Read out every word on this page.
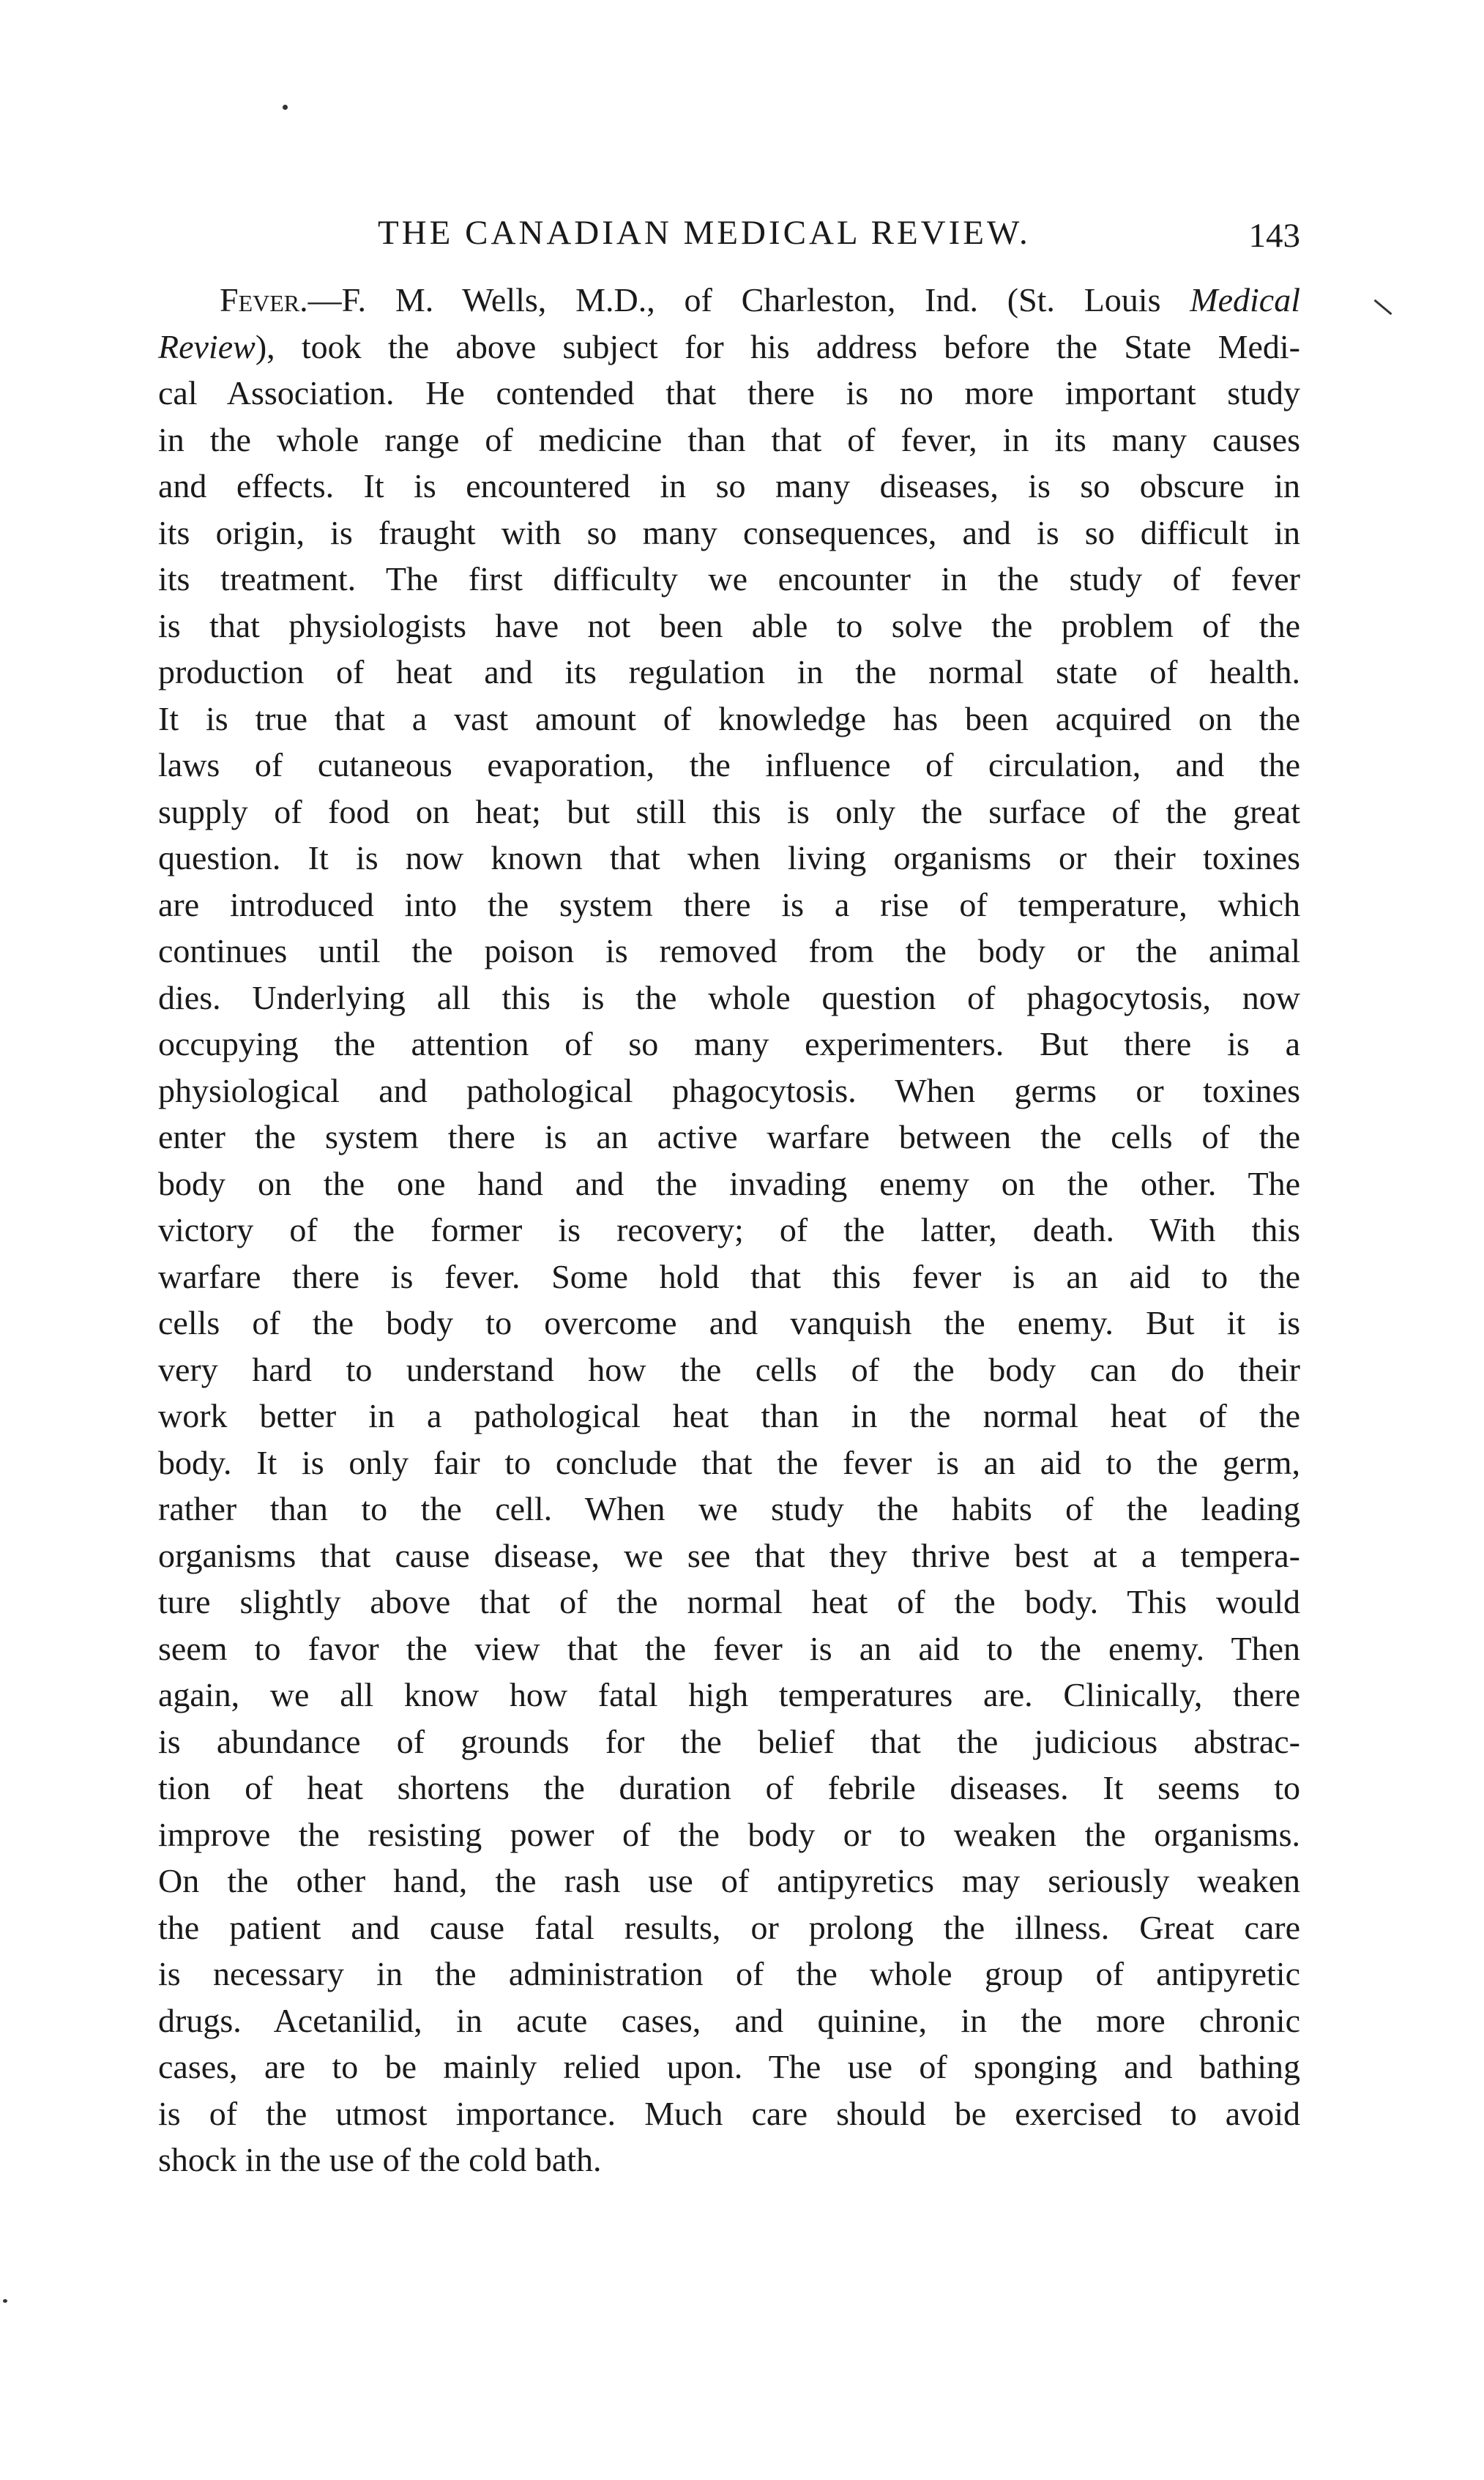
THE CANADIAN MEDICAL REVIEW.	143
Fever.—F. M. Wells, M.D., of Charleston, Ind. (St. Louis Medical
Review), took the above subject for his address before the State Medi-
cal Association. He contended that there is no more important study
in the whole range of medicine than that of fever, in its many causes
and effects. It is encountered in so many diseases, is so obscure in
its origin, is fraught with so many consequences, and is so difficult in
its treatment. The first difficulty we encounter in the study of fever
is that physiologists have not been able to solve the problem of the
production of heat and its regulation in the normal state of health.
It is true that a vast amount of knowledge has been acquired on the
laws of cutaneous evaporation, the influence of circulation, and the
supply of food on heat; but still this is only the surface of the great
question. It is now known that when living organisms or their toxines
are introduced into the system there is a rise of temperature, which
continues until the poison is removed from the body or the animal
dies. Underlying all this is the whole question of phagocytosis, now
occupying the attention of so many experimenters. But there is a
physiological and pathological phagocytosis. When germs or toxines
enter the system there is an active warfare between the cells of the
body on the one hand and the invading enemy on the other. The
victory of the former is recovery; of the latter, death. With this
warfare there is fever. Some hold that this fever is an aid to the
cells of the body to overcome and vanquish the enemy. But it is
very hard to understand how the cells of the body can do their
work better in a pathological heat than in the normal heat of the
body. It is only fair to conclude that the fever is an aid to the germ,
rather than to the cell. When we study the habits of the leading
organisms that cause disease, we see that they thrive best at a tempera-
ture slightly above that of the normal heat of the body. This would
seem to favor the view that the fever is an aid to the enemy. Then
again, we all know how fatal high temperatures are. Clinically, there
is abundance of grounds for the belief that the judicious abstrac-
tion of heat shortens the duration of febrile diseases. It seems to
improve the resisting power of the body or to weaken the organisms.
On the other hand, the rash use of antipyretics may seriously weaken
the patient and cause fatal results, or prolong the illness. Great care
is necessary in the administration of the whole group of antipyretic
drugs. Acetanilid, in acute cases, and quinine, in the more chronic
cases, are to be mainly relied upon. The use of sponging and bathing
is of the utmost importance. Much care should be exercised to avoid
shock in the use of the cold bath.
